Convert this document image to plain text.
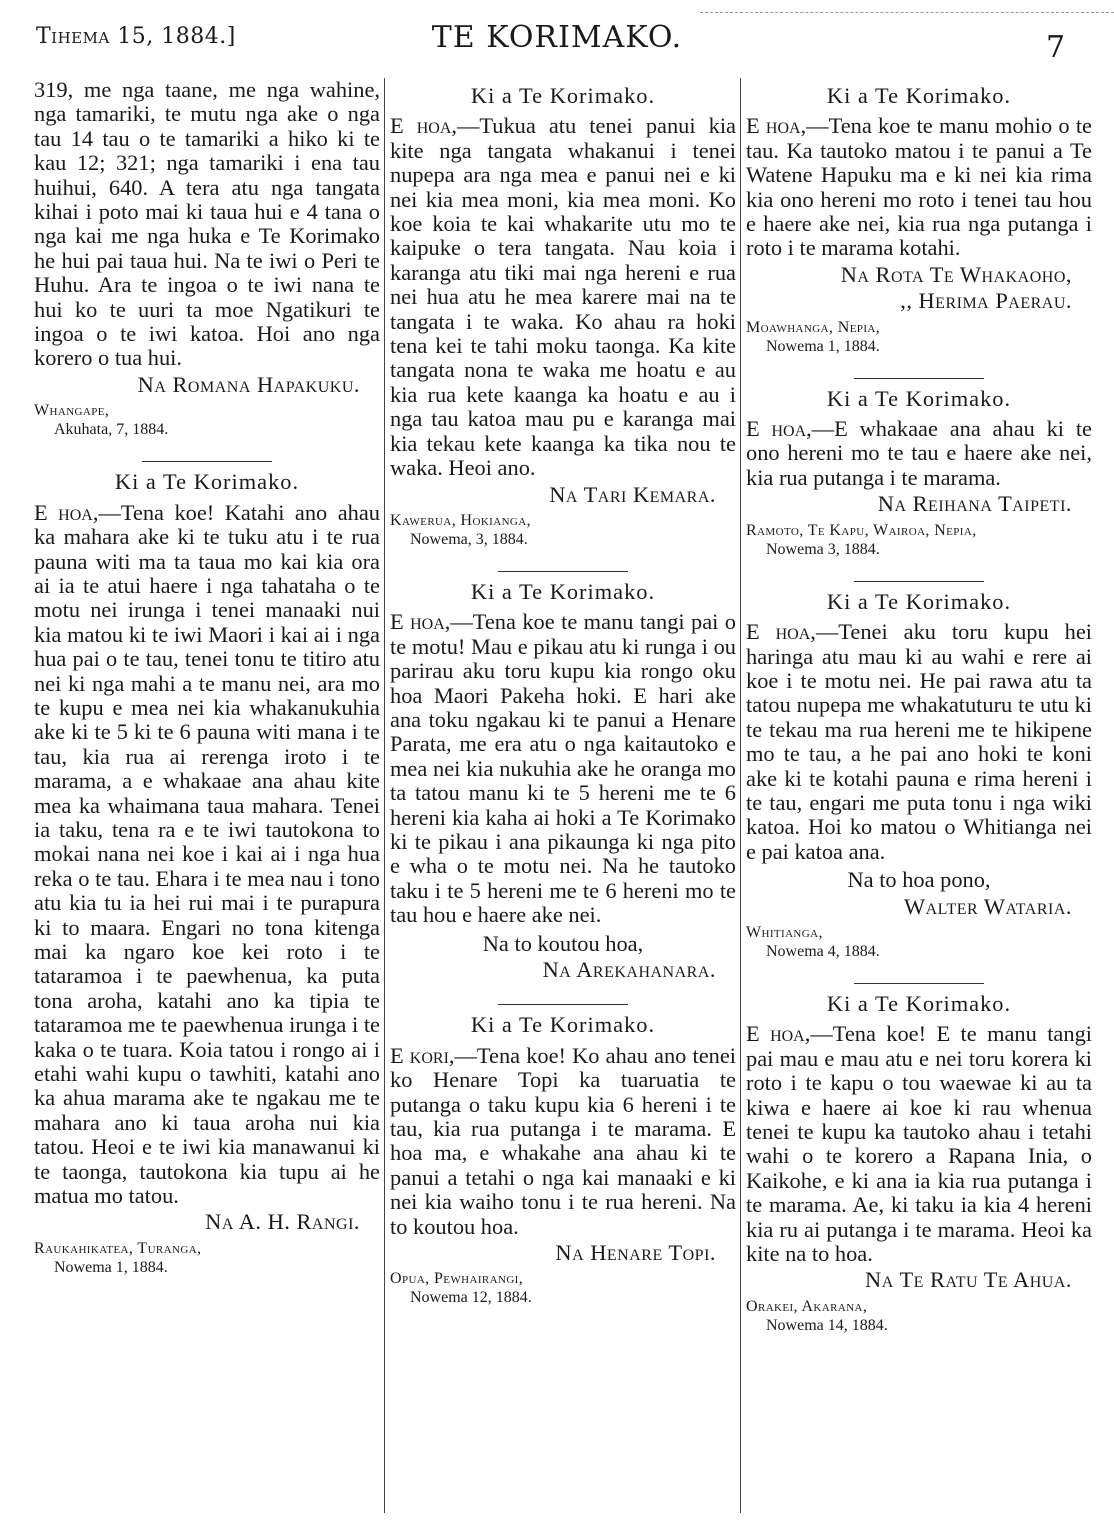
Tihema 15, 1884.]	TE KORIMAKO.	7

319, me nga taane, me nga wahine, nga tamariki, te mutu nga ake o nga tau 14 tau o te tamariki a hiko ki te kau 12; 321; nga tamariki i ena tau huihui, 640. A tera atu nga tangata kihai i poto mai ki taua hui e 4 tana o nga kai me nga huka e Te Korimako he hui pai taua hui. Na te iwi o Peri te Huhu. Ara te ingoa o te iwi nana te hui ko te uuri ta moe Ngatikuri te ingoa o te iwi katoa. Hoi ano nga korero o tua hui.

Na Romana Hapakuku.

Whangape,

Akuhata, 7, 1884.

Ki a Te Korimako.

E hoa,—Tena koe! Katahi ano ahau ka mahara ake ki te tuku atu i te rua pauna witi ma ta taua mo kai kia ora ai ia te atui haere i nga tahataha o te motu nei irunga i tenei manaaki nui kia matou ki te iwi Maori i kai ai i nga hua pai o te tau, tenei tonu te titiro atu nei ki nga mahi a te manu nei, ara mo te kupu e mea nei kia whakanukuhia ake ki te 5 ki te 6 pauna witi mana i te tau, kia rua ai rerenga iroto i te marama, a e whakaae ana ahau kite mea ka whaimana taua mahara. Tenei ia taku, tena ra e te iwi tautokona to mokai nana nei koe i kai ai i nga hua reka o te tau. Ehara i te mea nau i tono atu kia tu ia hei rui mai i te purapura ki to maara. Engari no tona kitenga mai ka ngaro koe kei roto i te tataramoa i te paewhenua, ka puta tona aroha, katahi ano ka tipia te tataramoa me te paewhenua irunga i te kaka o te tuara. Koia tatou i rongo ai i etahi wahi kupu o tawhiti, katahi ano ka ahua marama ake te ngakau me te mahara ano ki taua aroha nui kia tatou. Heoi e te iwi kia manawanui ki te taonga, tautokona kia tupu ai he matua mo tatou.

Na A. H. Rangi.

Raukahikatea, Turanga,

Nowema 1, 1884.

Ki a Te Korimako.

E hoa,—Tukua atu tenei panui kia kite nga tangata whakanui i tenei nupepa ara nga mea e panui nei e ki nei kia mea moni, kia mea moni. Ko koe koia te kai whakarite utu mo te kaipuke o tera tangata. Nau koia i karanga atu tiki mai nga hereni e rua nei hua atu he mea karere mai na te tangata i te waka. Ko ahau ra hoki tena kei te tahi moku taonga. Ka kite tangata nona te waka me hoatu e au kia rua kete kaanga ka hoatu e au i nga tau katoa mau pu e karanga mai kia tekau kete kaanga ka tika nou te waka. Heoi ano.

Na Tari Kemara.

Kawerua, Hokianga,

Nowema, 3, 1884.

Ki a Te Korimako.

E hoa,—Tena koe te manu tangi pai o te motu! Mau e pikau atu ki runga i ou parirau aku toru kupu kia rongo oku hoa Maori Pakeha hoki. E hari ake ana toku ngakau ki te panui a Henare Parata, me era atu o nga kaitautoko e mea nei kia nukuhia ake he oranga mo ta tatou manu ki te 5 hereni me te 6 hereni kia kaha ai hoki a Te Korimako ki te pikau i ana pikaunga ki nga pito e wha o te motu nei. Na he tautoko taku i te 5 hereni me te 6 hereni mo te tau hou e haere ake nei.

Na to koutou hoa,

Na Arekahanara.

Ki a Te Korimako.

E kori,—Tena koe! Ko ahau ano tenei ko Henare Topi ka tuaruatia te putanga o taku kupu kia 6 hereni i te tau, kia rua putanga i te marama. E hoa ma, e whakahe ana ahau ki te panui a tetahi o nga kai manaaki e ki nei kia waiho tonu i te rua hereni. Na to koutou hoa.

Na Henare Topi.

Opua, Pewhairangi,

Nowema 12, 1884.

Ki a Te Korimako.

E hoa,—Tena koe te manu mohio o te tau. Ka tautoko matou i te panui a Te Watene Hapuku ma e ki nei kia rima kia ono hereni mo roto i tenei tau hou e haere ake nei, kia rua nga putanga i roto i te marama kotahi.

Na Rota Te Whakaoho,

,, Herima Paerau.

Moawhanga, Nepia,

Nowema 1, 1884.

Ki a Te Korimako.

E hoa,—E whakaae ana ahau ki te ono hereni mo te tau e haere ake nei, kia rua putanga i te marama.

Na Reihana Taipeti.

Ramoto, Te Kapu, Wairoa, Nepia,

Nowema 3, 1884.

Ki a Te Korimako.

E hoa,—Tenei aku toru kupu hei haringa atu mau ki au wahi e rere ai koe i te motu nei. He pai rawa atu ta tatou nupepa me whakatuturu te utu ki te tekau ma rua hereni me te hikipene mo te tau, a he pai ano hoki te koni ake ki te kotahi pauna e rima hereni i te tau, engari me puta tonu i nga wiki katoa. Hoi ko matou o Whitianga nei e pai katoa ana.

Na to hoa pono,

Walter Wataria.

Whitianga,

Nowema 4, 1884.

Ki a Te Korimako.

E hoa,—Tena koe! E te manu tangi pai mau e mau atu e nei toru korera ki roto i te kapu o tou waewae ki au ta kiwa e haere ai koe ki rau whenua tenei te kupu ka tautoko ahau i tetahi wahi o te korero a Rapana Inia, o Kaikohe, e ki ana ia kia rua putanga i te marama. Ae, ki taku ia kia 4 hereni kia ru ai putanga i te marama. Heoi ka kite na to hoa.

Na Te Ratu Te Ahua.

Orakei, Akarana,

Nowema 14, 1884.
